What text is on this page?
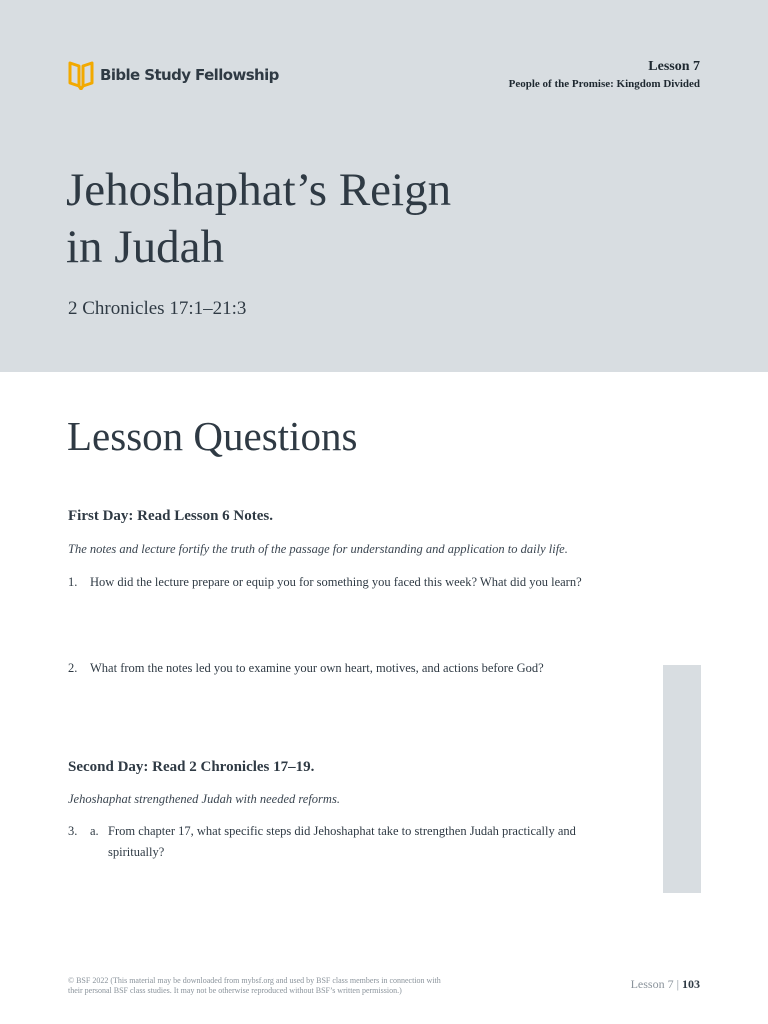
Bible Study Fellowship	Lesson 7
People of the Promise: Kingdom Divided
Jehoshaphat’s Reign
in Judah
2 Chronicles 17:1–21:3
Lesson Questions
First Day: Read Lesson 6 Notes.
The notes and lecture fortify the truth of the passage for understanding and application to daily life.
1. How did the lecture prepare or equip you for something you faced this week? What did you learn?
2. What from the notes led you to examine your own heart, motives, and actions before God?
Second Day: Read 2 Chronicles 17–19.
Jehoshaphat strengthened Judah with needed reforms.
3. a. From chapter 17, what specific steps did Jehoshaphat take to strengthen Judah practically and spiritually?
© BSF 2022 (This material may be downloaded from mybsf.org and used by BSF class members in connection with their personal BSF class studies. It may not be otherwise reproduced without BSF’s written permission.)	Lesson 7 | 103
